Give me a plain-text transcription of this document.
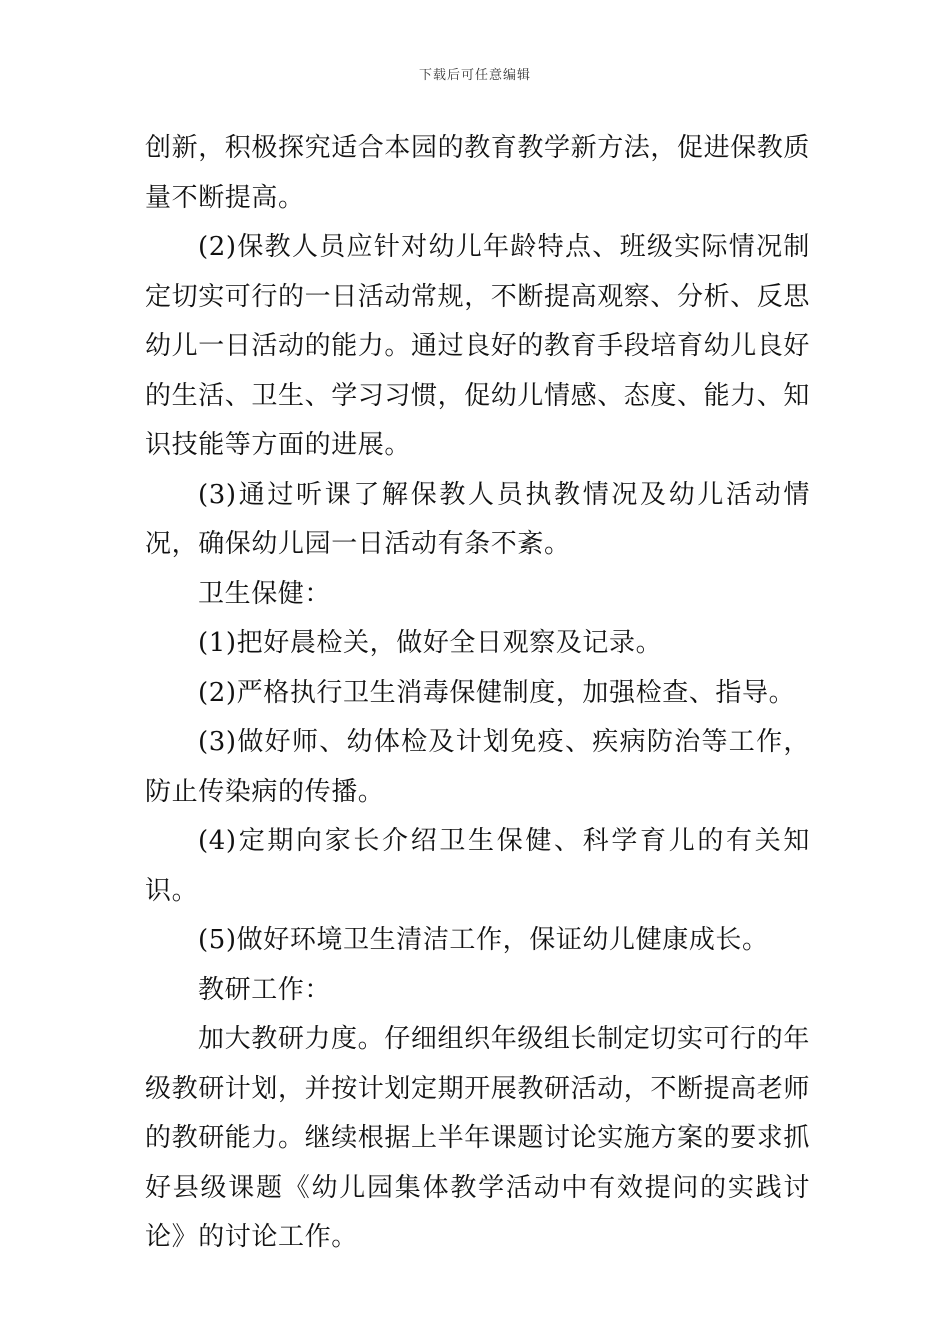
下载后可任意编辑

创新，积极探究适合本园的教育教学新方法，促进保教质量不断提高。

(2)保教人员应针对幼儿年龄特点、班级实际情况制定切实可行的一日活动常规，不断提高观察、分析、反思幼儿一日活动的能力。通过良好的教育手段培育幼儿良好的生活、卫生、学习习惯，促幼儿情感、态度、能力、知识技能等方面的进展。

(3)通过听课了解保教人员执教情况及幼儿活动情况，确保幼儿园一日活动有条不紊。

卫生保健：

(1)把好晨检关，做好全日观察及记录。

(2)严格执行卫生消毒保健制度，加强检查、指导。

(3)做好师、幼体检及计划免疫、疾病防治等工作，防止传染病的传播。

(4)定期向家长介绍卫生保健、科学育儿的有关知识。

(5)做好环境卫生清洁工作，保证幼儿健康成长。

教研工作：

加大教研力度。仔细组织年级组长制定切实可行的年级教研计划，并按计划定期开展教研活动，不断提高老师的教研能力。继续根据上半年课题讨论实施方案的要求抓好县级课题《幼儿园集体教学活动中有效提问的实践讨论》的讨论工作。
